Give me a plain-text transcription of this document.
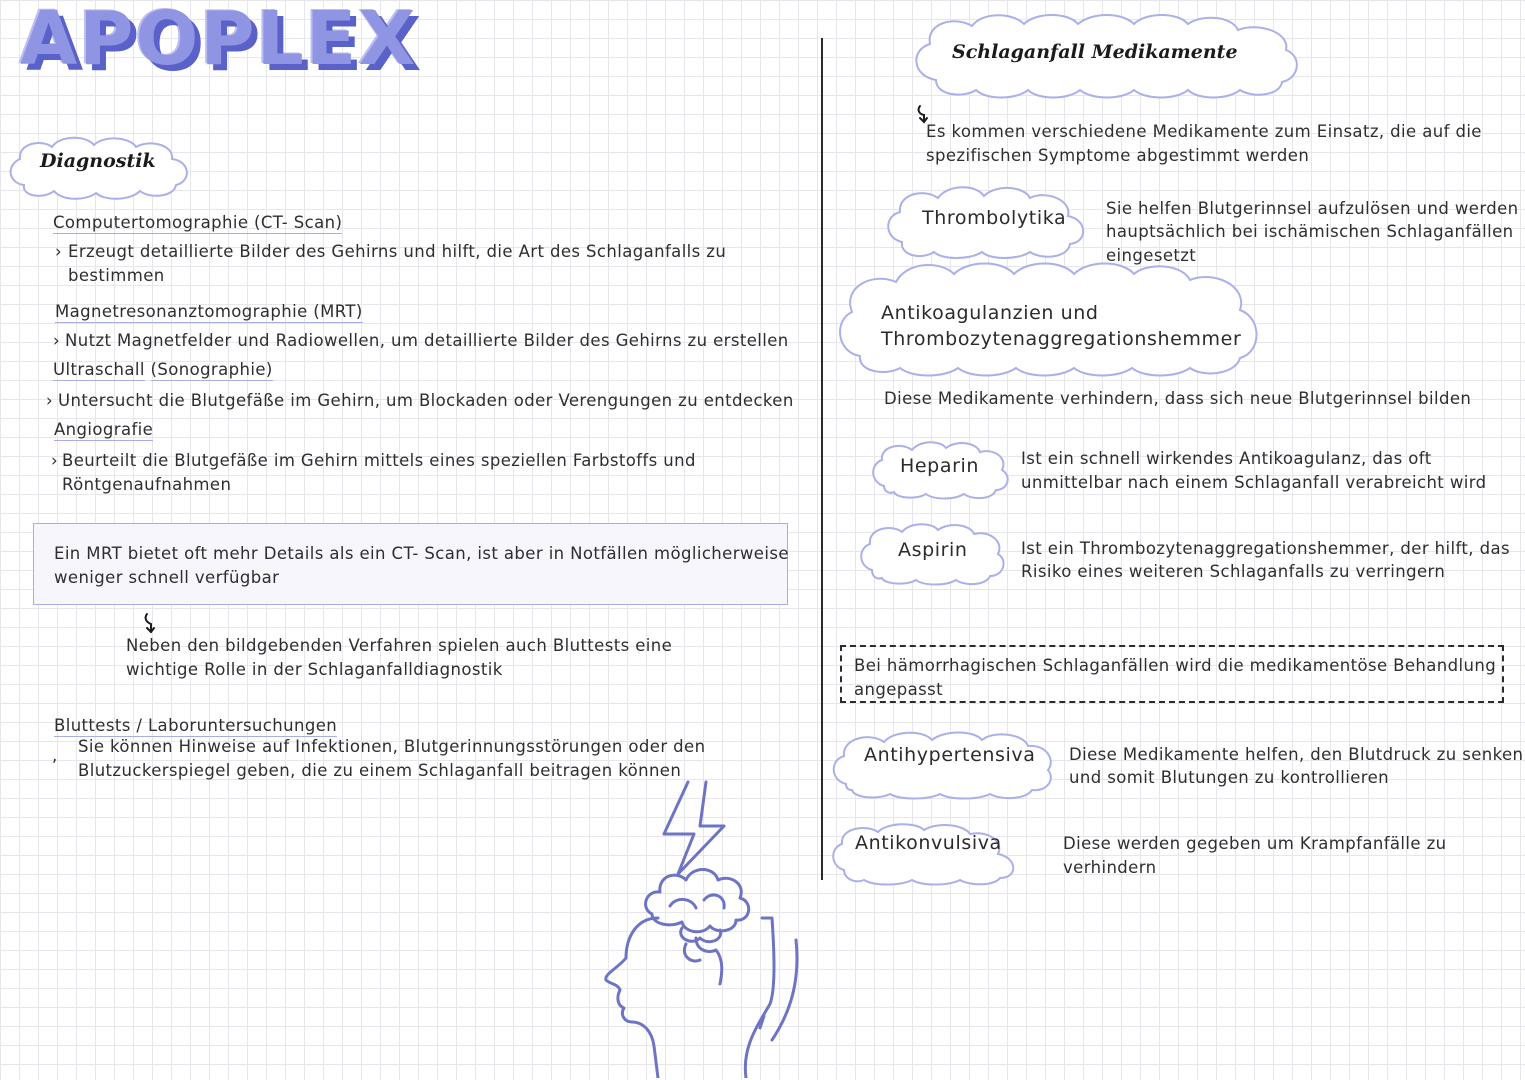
APOPLEX
Diagnostik
Computertomographie (CT- Scan)
› Erzeugt detaillierte Bilder des Gehirns und hilft, die Art des Schlaganfalls zu
bestimmen
Magnetresonanztomographie (MRT)
› Nutzt Magnetfelder und Radiowellen, um detaillierte Bilder des Gehirns zu erstellen
Ultraschall (Sonographie)
› Untersucht die Blutgefäße im Gehirn, um Blockaden oder Verengungen zu entdecken
Angiografie
› Beurteilt die Blutgefäße im Gehirn mittels eines speziellen Farbstoffs und
Röntgenaufnahmen
Ein MRT bietet oft mehr Details als ein CT- Scan, ist aber in Notfällen möglicherweise
weniger schnell verfügbar
Neben den bildgebenden Verfahren spielen auch Bluttests eine
wichtige Rolle in der Schlaganfalldiagnostik
Bluttests / Laboruntersuchungen
, Sie können Hinweise auf Infektionen, Blutgerinnungsstörungen oder den
Blutzuckerspiegel geben, die zu einem Schlaganfall beitragen können
Schlaganfall Medikamente
Es kommen verschiedene Medikamente zum Einsatz, die auf die
spezifischen Symptome abgestimmt werden
Thrombolytika Sie helfen Blutgerinnsel aufzulösen und werden
hauptsächlich bei ischämischen Schlaganfällen
eingesetzt
Antikoagulanzien und
Thrombozytenaggregationshemmer
Diese Medikamente verhindern, dass sich neue Blutgerinnsel bilden
Heparin	Ist ein schnell wirkendes Antikoagulanz, das oft
unmittelbar nach einem Schlaganfall verabreicht wird
Aspirin	Ist ein Thrombozytenaggregationshemmer, der hilft, das
Risiko eines weiteren Schlaganfalls zu verringern
Bei hämorrhagischen Schlaganfällen wird die medikamentöse Behandlung
angepasst
Antihypertensiva Diese Medikamente helfen, den Blutdruck zu senken
und somit Blutungen zu kontrollieren
Antikonvulsiva	Diese werden gegeben um Krampfanfälle zu
verhindern
